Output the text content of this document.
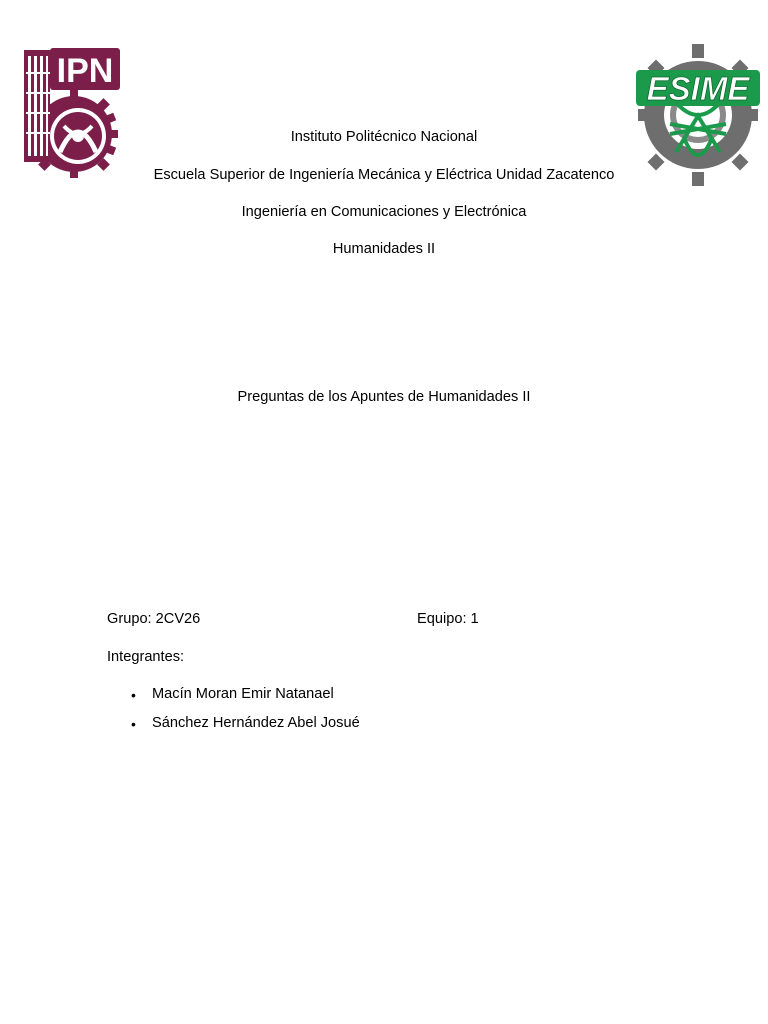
IPN	ESIME
Instituto Politécnico Nacional
Escuela Superior de Ingeniería Mecánica y Eléctrica Unidad Zacatenco
Ingeniería en Comunicaciones y Electrónica
Humanidades II
Preguntas de los Apuntes de Humanidades II
Grupo: 2CV26	Equipo: 1
Integrantes:
• Macín Moran Emir Natanael
• Sánchez Hernández Abel Josué
